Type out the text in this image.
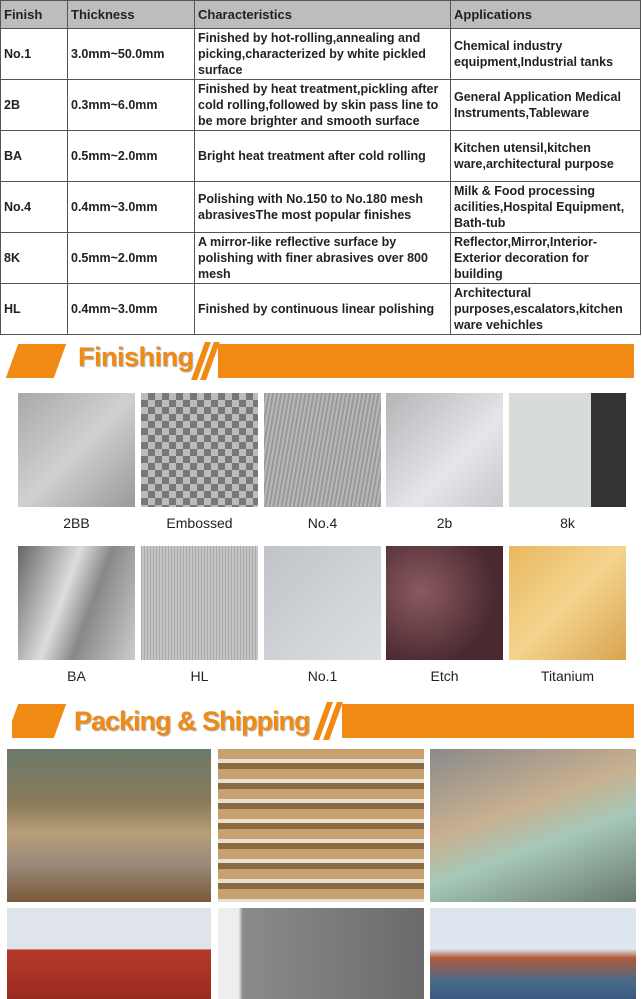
Finish	Thickness	Characteristics	Applications
No.1	3.0mm~50.0mm	Finished by hot-rolling,annealing and picking,characterized by white pickled surface	Chemical industry equipment,Industrial tanks
2B	0.3mm~6.0mm	Finished by heat treatment,pickling after cold rolling,followed by skin pass line to be more brighter and smooth surface	General Application Medical Instruments,Tableware
BA	0.5mm~2.0mm	Bright heat treatment after cold rolling	Kitchen utensil,kitchen ware,architectural purpose
No.4	0.4mm~3.0mm	Polishing with No.150 to No.180 mesh abrasivesThe most popular finishes	Milk & Food processing acilities,Hospital Equipment, Bath-tub
8K	0.5mm~2.0mm	A mirror-like reflective surface by polishing with finer abrasives over 800 mesh	Reflector,Mirror,Interior-Exterior decoration for building
HL	0.4mm~3.0mm	Finished by continuous linear polishing	Architectural purposes,escalators,kitchen ware vehichles
Finishing
2BB	Embossed	No.4	2b	8k
BA	HL	No.1	Etch	Titanium
Packing & Shipping
